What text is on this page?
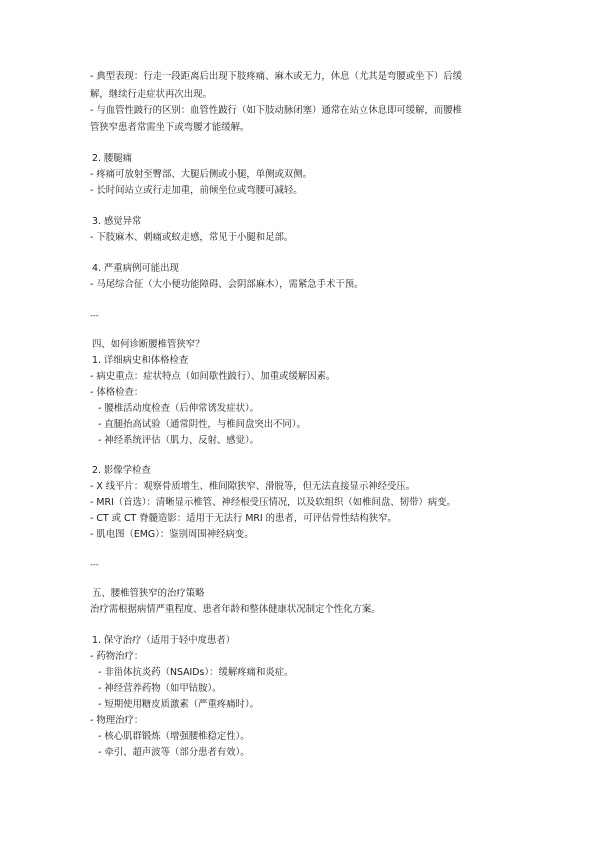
- 典型表现：行走一段距离后出现下肢疼痛、麻木或无力，休息（尤其是弯腰或坐下）后缓
解，继续行走症状再次出现。
- 与血管性跛行的区别：血管性跛行（如下肢动脉闭塞）通常在站立休息即可缓解，而腰椎
管狭窄患者常需坐下或弯腰才能缓解。
2. 腰腿痛
- 疼痛可放射至臀部、大腿后侧或小腿，单侧或双侧。
- 长时间站立或行走加重，前倾坐位或弯腰可减轻。
3. 感觉异常
- 下肢麻木、刺痛或蚁走感，常见于小腿和足部。
4. 严重病例可能出现
- 马尾综合征（大小便功能障碍、会阴部麻木），需紧急手术干预。
---
四、如何诊断腰椎管狭窄？
1. 详细病史和体格检查
- 病史重点：症状特点（如间歇性跛行）、加重或缓解因素。
- 体格检查：
- 腰椎活动度检查（后伸常诱发症状）。
- 直腿抬高试验（通常阴性，与椎间盘突出不同）。
- 神经系统评估（肌力、反射、感觉）。
2. 影像学检查
- X 线平片：观察骨质增生、椎间隙狭窄、滑脱等，但无法直接显示神经受压。
- MRI（首选）：清晰显示椎管、神经根受压情况，以及软组织（如椎间盘、韧带）病变。
- CT 或 CT 脊髓造影：适用于无法行 MRI 的患者，可评估骨性结构狭窄。
- 肌电图（EMG）：鉴别周围神经病变。
---
五、腰椎管狭窄的治疗策略
治疗需根据病情严重程度、患者年龄和整体健康状况制定个性化方案。
1. 保守治疗（适用于轻中度患者）
- 药物治疗：
- 非甾体抗炎药（NSAIDs）：缓解疼痛和炎症。
- 神经营养药物（如甲钴胺）。
- 短期使用糖皮质激素（严重疼痛时）。
- 物理治疗：
- 核心肌群锻炼（增强腰椎稳定性）。
- 牵引、超声波等（部分患者有效）。
